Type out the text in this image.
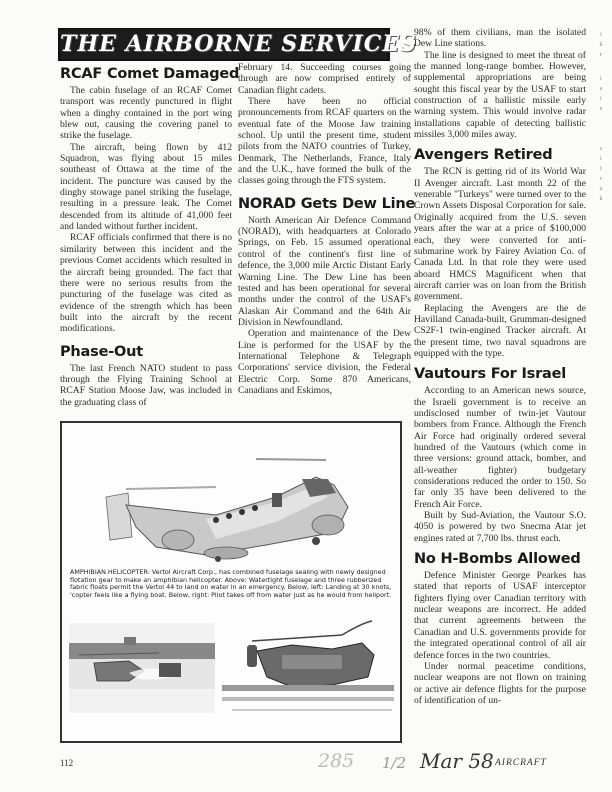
THE AIRBORNE SERVICES
RCAF Comet Damaged

The cabin fuselage of an RCAF Comet transport was recently punctured in flight when a dinghy contained in the port wing blew out, causing the covering panel to strike the fuselage.

The aircraft, being flown by 412 Squadron, was flying about 15 miles southeast of Ottawa at the time of the incident. The puncture was caused by the dinghy stowage panel striking the fuselage, resulting in a pressure leak. The Comet descended from its altitude of 41,000 feet and landed without further incident.

RCAF officials confirmed that there is no similarity between this incident and the previous Comet accidents which resulted in the aircraft being grounded. The fact that there were no serious results from the puncturing of the fuselage was cited as evidence of the strength which has been built into the aircraft by the recent modifications.

Phase-Out

The last French NATO student to pass through the Flying Training School at RCAF Station Moose Jaw, was included in the graduating class of

February 14. Succeeding courses going through are now comprised entirely of Canadian flight cadets.

There have been no official pronouncements from RCAF quarters on the eventual fate of the Moose Jaw training school. Up until the present time, student pilots from the NATO countries of Turkey, Denmark, The Netherlands, France, Italy and the U.K., have formed the bulk of the classes going through the FTS system.

NORAD Gets Dew Line

North American Air Defence Command (NORAD), with headquarters at Colorado Springs, on Feb. 15 assumed operational control of the continent's first line of defence, the 3,000 mile Arctic Distant Early Warning Line. The Dew Line has been tested and has been operational for several months under the control of the USAF's Alaskan Air Command and the 64th Air Division in Newfoundland.

Operation and maintenance of the Dew Line is performed for the USAF by the International Telephone & Telegraph Corporations' service division, the Federal Electric Corp. Some 870 Americans, Canadians and Eskimos,

98% of them civilians, man the isolated Dew Line stations.

The line is designed to meet the threat of the manned long-range bomber. However, supplemental appropriations are being sought this fiscal year by the USAF to start construction of a ballistic missile early warning system. This would involve radar installations capable of detecting ballistic missiles 3,000 miles away.

Avengers Retired

The RCN is getting rid of its World War II Avenger aircraft. Last month 22 of the venerable "Turkeys" were turned over to the Crown Assets Disposal Corporation for sale. Originally acquired from the U.S. seven years after the war at a price of $100,000 each, they were converted for anti-submarine work by Fairey Aviation Co. of Canada Ltd. In that role they were used aboard HMCS Magnificent when that aircraft carrier was on loan from the British government.

Replacing the Avengers are the de Havilland Canada-built, Grumman-designed CS2F-1 twin-engined Tracker aircraft. At the present time, two naval squadrons are equipped with the type.

Vautours For Israel

According to an American news source, the Israeli government is to receive an undisclosed number of twin-jet Vautour bombers from France. Although the French Air Force had originally ordered several hundred of the Vautours (which come in three versions: ground attack, bomber, and all-weather fighter) budgetary considerations reduced the order to 150. So far only 35 have been delivered to the French Air Force.

Built by Sud-Aviation, the Vautour S.O. 4050 is powered by two Snecma Atar jet engines rated at 7,700 lbs. thrust each.

No H-Bombs Allowed

Defence Minister George Pearkes has stated that reports of USAF interceptor fighters flying over Canadian territory with nuclear weapons are incorrect. He added that current agreements between the Canadian and U.S. governments provide for the integrated operational control of all air defence forces in the two countries.

Under normal peacetime conditions, nuclear weapons are not flown on training or active air defence flights for the purpose of identification of un-

AMPHIBIAN HELICOPTER: Vertol Aircraft Corp., has combined fuselage sealing with newly designed flotation gear to make an amphibian helicopter. Above: Watertight fuselage and three rubberized fabric floats permit the Vertol 44 to land on water in an emergency. Below, left: Landing at 30 knots, 'copter feels like a flying boat. Below, right: Pilot takes off from water just as he would from heliport.
112	285 1/2 Mar 58 AIRCRAFT
i
k
r
t
a
t
e
s
t
t
r
a
k
